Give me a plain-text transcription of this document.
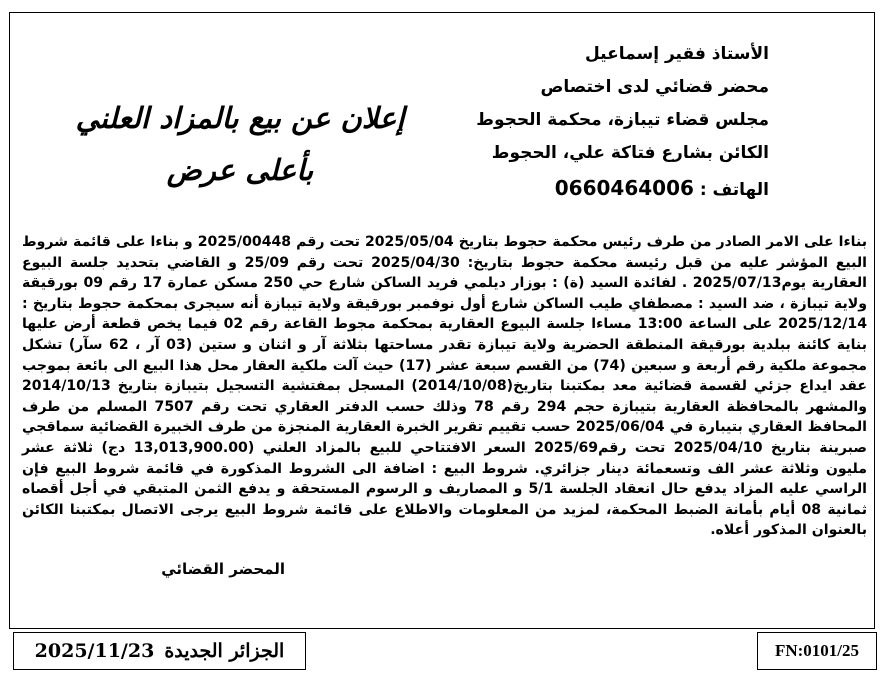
الأستاذ فقير إسماعيل
محضر قضائي لدى اختصاص
مجلس قضاء تيبازة، محكمة الحجوط
الكائن بشارع فتاكة علي، الحجوط
الهاتف : 0660464006
إعلان عن بيع بالمزاد العلني
بأعلى عرض
بناءا على الامر الصادر من طرف رئيس محكمة حجوط بتاريخ 2025/05/04 تحت رقم 2025/00448 و بناءا على قائمة شروط البيع المؤشر عليه من قبل رئيسة محكمة حجوط بتاريخ: 2025/04/30 تحت رقم 25/09 و القاضي بتحديد جلسة البيوع العقارية يوم2025/07/13 . لفائدة السيد (ة) : بوزار ديلمي فريد الساكن شارع حي 250 مسكن عمارة 17 رقم 09 بورقيقة ولاية تيبازة ، ضد السيد : مصطفاي طيب الساكن شارع أول نوفمبر بورقيقة ولاية تيبازة أنه سيجرى بمحكمة حجوط بتاريخ : 2025/12/14 على الساعة 13:00 مساءا جلسة البيوع العقارية بمحكمة مجوط القاعة رقم 02 فيما يخص قطعة أرض عليها بناية كائنة ببلدية بورقيقة المنطقة الحضرية ولاية تيبازة تقدر مساحتها بثلاثة آر و اثنان و ستين (03 آر ، 62 سآر) تشكل مجموعة ملكية رقم أربعة و سبعين (74) من القسم سبعة عشر (17) حيث آلت ملكية العقار محل هذا البيع الى بائعة بموجب عقد ايداع جزئي لقسمة قضائية معد بمكتبنا بتاريخ(2014/10/08) المسجل بمفتشية التسجيل بتيبازة بتاريخ 2014/10/13 والمشهر بالمحافظة العقارية بتيبازة حجم 294 رقم 78 وذلك حسب الدفتر العقاري تحت رقم 7507 المسلم من طرف المحافظ العقاري بتيبارة في 2025/06/04 حسب تقييم تقرير الخبرة العقارية المنجزة من طرف الخبيرة القضائية سماقجي صبرينة بتاريخ 2025/04/10 تحت رقم2025/69 السعر الافتتاحي للبيع بالمزاد العلني (13,013,900.00 دج) ثلاثة عشر مليون وثلاثة عشر الف وتسعمائة دينار جزائري. شروط البيع : اضافة الى الشروط المذكورة في قائمة شروط البيع فإن الراسي عليه المزاد يدفع حال انعقاد الجلسة 5/1 و المصاريف و الرسوم المستحقة و يدفع الثمن المتبقي في أجل أقصاه ثمانية 08 أيام بأمانة الضبط المحكمة، لمزيد من المعلومات والاطلاع على قائمة شروط البيع يرجى الاتصال بمكتبنا الكائن بالعنوان المذكور أعلاه.
المحضر القضائي
الجزائر الجديدة
2025/11/23	FN:0101/25
